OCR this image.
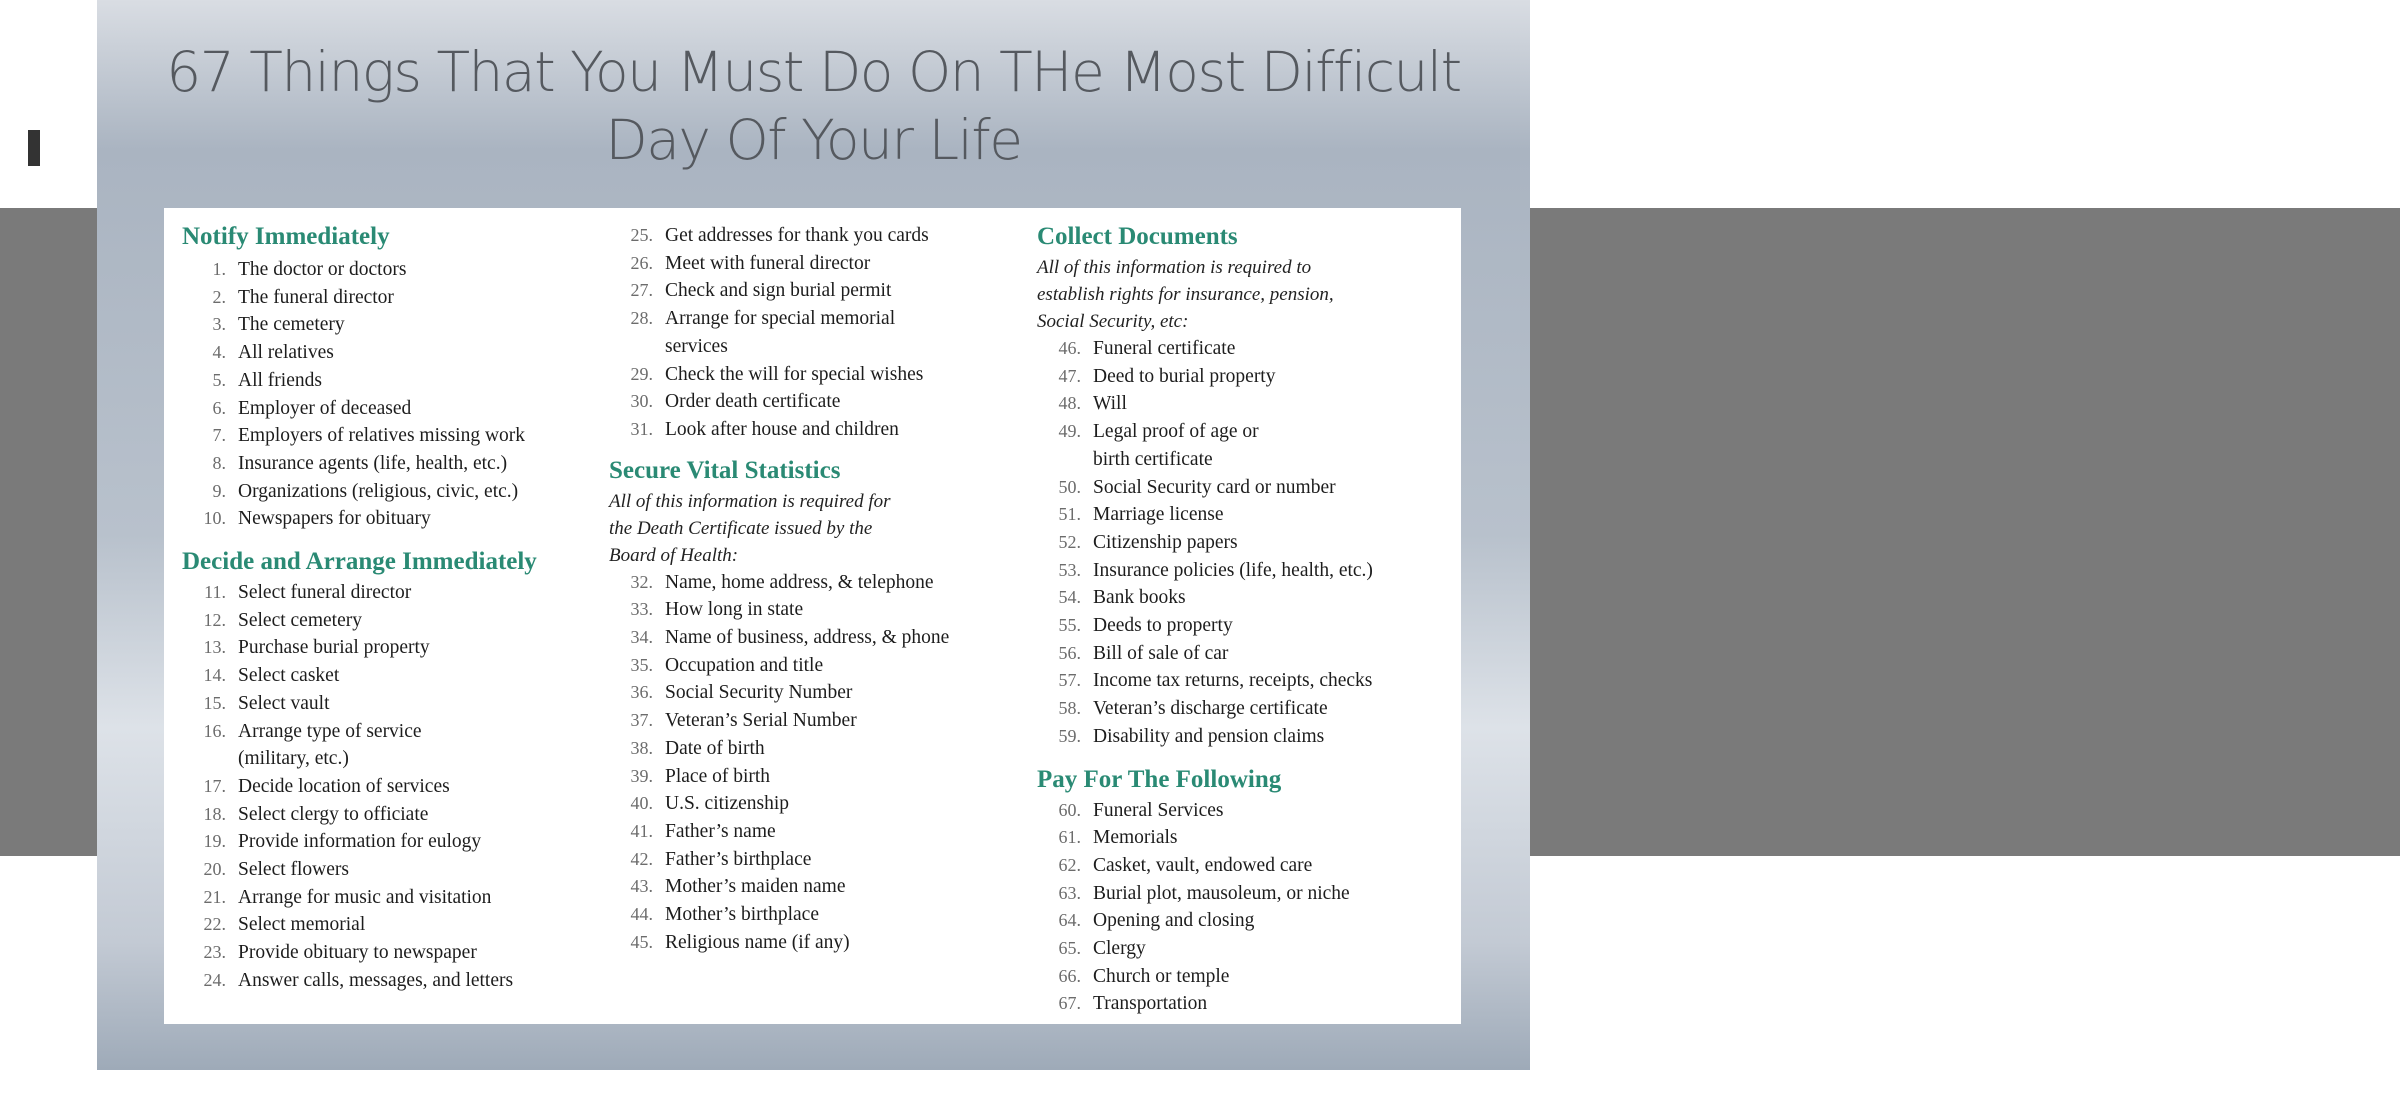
67 Things That You Must Do On THe Most Difficult Day Of Your Life
Notify Immediately
1. The doctor or doctors
2. The funeral director
3. The cemetery
4. All relatives
5. All friends
6. Employer of deceased
7. Employers of relatives missing work
8. Insurance agents (life, health, etc.)
9. Organizations (religious, civic, etc.)
10. Newspapers for obituary
Decide and Arrange Immediately
11. Select funeral director
12. Select cemetery
13. Purchase burial property
14. Select casket
15. Select vault
16. Arrange type of service
(military, etc.)
17. Decide location of services
18. Select clergy to officiate
19. Provide information for eulogy
20. Select flowers
21. Arrange for music and visitation
22. Select memorial
23. Provide obituary to newspaper
24. Answer calls, messages, and letters
25. Get addresses for thank you cards
26. Meet with funeral director
27. Check and sign burial permit
28. Arrange for special memorial
services
29. Check the will for special wishes
30. Order death certificate
31. Look after house and children
Secure Vital Statistics

All of this information is required for
the Death Certificate issued by the
Board of Health:

32. Name, home address, & telephone
33. How long in state
34. Name of business, address, & phone
35. Occupation and title
36. Social Security Number
37. Veteran’s Serial Number
38. Date of birth
39. Place of birth
40. U.S. citizenship
41. Father’s name
42. Father’s birthplace
43. Mother’s maiden name
44. Mother’s birthplace
45. Religious name (if any)
Collect Documents

All of this information is required to
establish rights for insurance, pension,
Social Security, etc:

46. Funeral certificate
47. Deed to burial property
48. Will
49. Legal proof of age or
birth certificate
50. Social Security card or number
51. Marriage license
52. Citizenship papers
53. Insurance policies (life, health, etc.)
54. Bank books
55. Deeds to property
56. Bill of sale of car
57. Income tax returns, receipts, checks
58. Veteran’s discharge certificate
59. Disability and pension claims
Pay For The Following
60. Funeral Services
61. Memorials
62. Casket, vault, endowed care
63. Burial plot, mausoleum, or niche
64. Opening and closing
65. Clergy
66. Church or temple
67. Transportation
